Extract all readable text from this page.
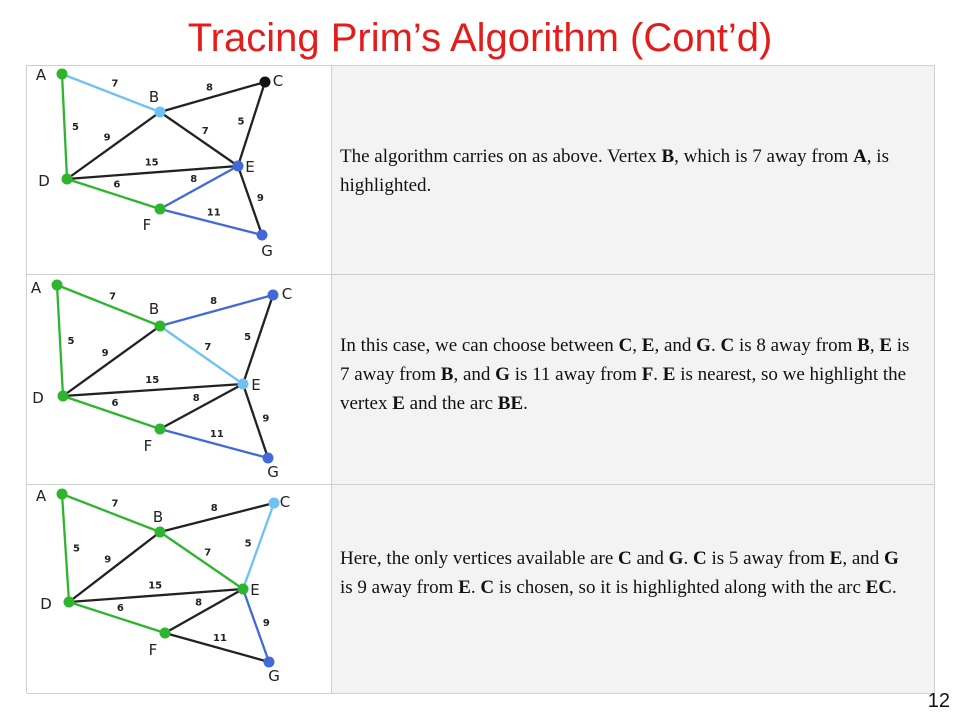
Tracing Prim’s Algorithm (Cont’d)
7
5
8
9
7
5
15
6
8
9
11
A
B
C
D
E
F
G
The algorithm carries on as above. Vertex B, which is 7 away from A, is highlighted.
7
5
8
9
7
5
15
6	8
9
11
A
B
C
D
E
F
G
In this case, we can choose between C, E, and G. C is 8 away from B, E is 7 away from B, and G is 11 away from F. E is nearest, so we highlight the vertex E and the arc BE.
7
5
8
9
7
5
15
6
8
9
11
A
B
C
D
E
F
G
Here, the only vertices available are C and G. C is 5 away from E, and G is 9 away from E. C is chosen, so it is highlighted along with the arc EC.
12
